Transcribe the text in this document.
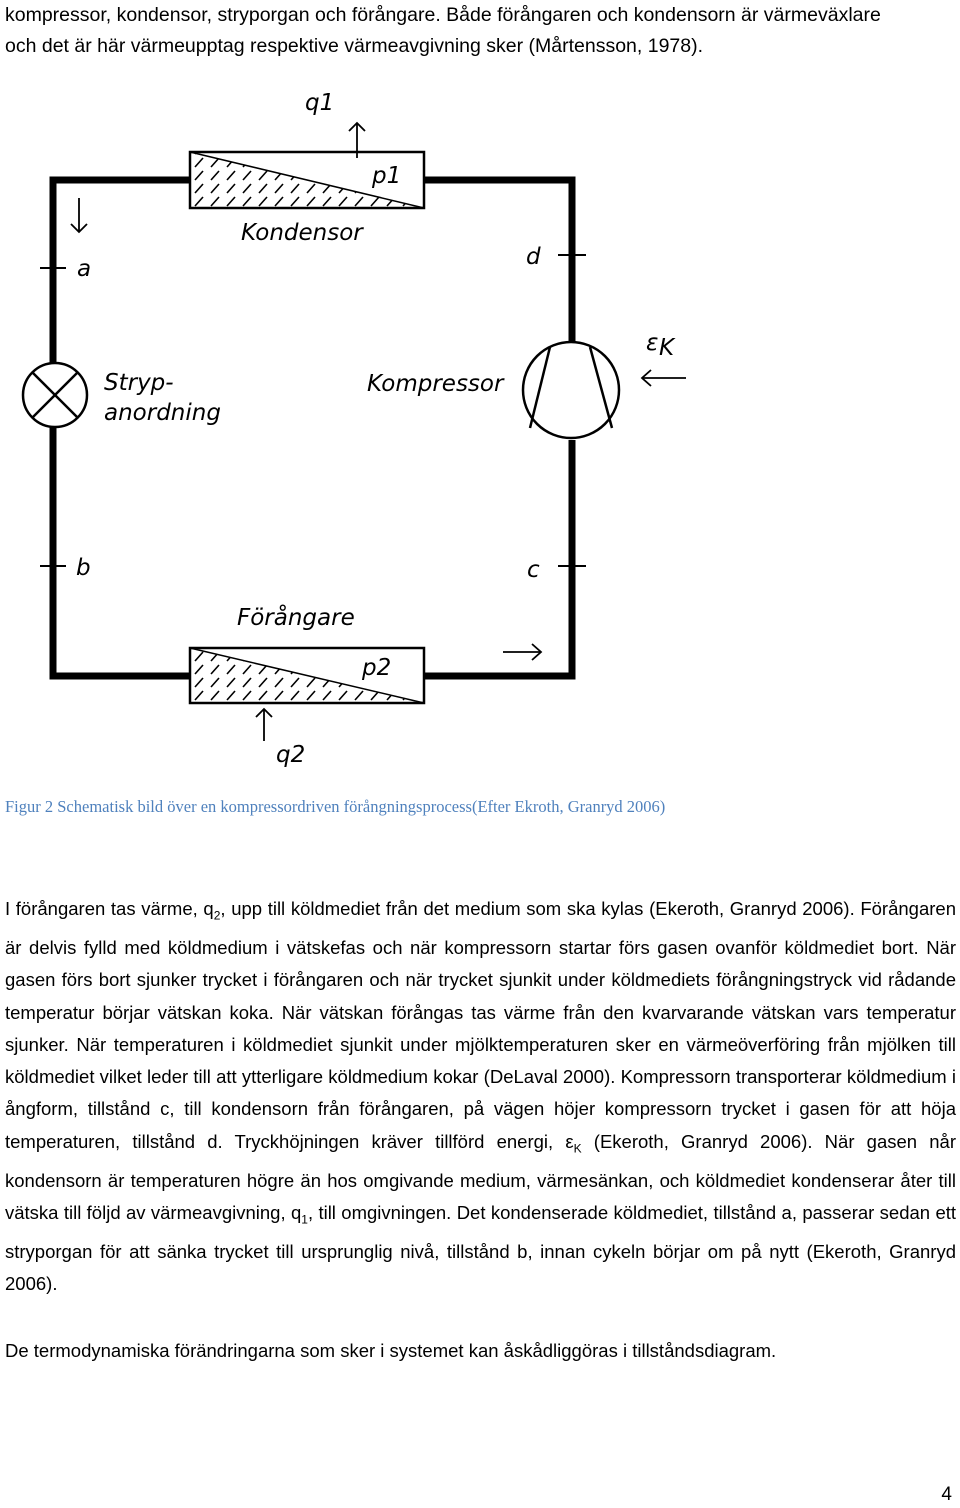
kompressor, kondensor, stryporgan och förångare. Både förångaren och kondensorn är värmeväxlare
och det är här värmeupptag respektive värmeavgivning sker (Mårtensson, 1978).
q1
p1
Kondensor
a	d
ε K
Stryp-
anordning
Kompressor
b	c
Förångare
p2
q2
Figur 2 Schematisk bild över en kompressordriven förångningsprocess(Efter Ekroth, Granryd 2006)

I förångaren tas värme, $q_2$, upp till köldmediet från det medium som ska kylas (Ekeroth, Granryd 2006). Förångaren är delvis fylld med köldmedium i vätskefas och när kompressorn startar förs gasen ovanför köldmediet bort. När gasen förs bort sjunker trycket i förångaren och när trycket sjunkit under köldmediets förångningstryck vid rådande temperatur börjar vätskan koka. När vätskan förångas tas värme från den kvarvarande vätskan vars temperatur sjunker. När temperaturen i köldmediet sjunkit under mjölktemperaturen sker en värmeöverföring från mjölken till köldmediet vilket leder till att ytterligare köldmedium kokar (DeLaval 2000). Kompressorn transporterar köldmedium i ångform, tillstånd c, till kondensorn från förångaren, på vägen höjer kompressorn trycket i gasen för att höja temperaturen, tillstånd d. Tryckhöjningen kräver tillförd energi, $\varepsilon_K$ (Ekeroth, Granryd 2006). När gasen når kondensorn är temperaturen högre än hos omgivande medium, värmesänkan, och köldmediet kondenserar åter till vätska till följd av värmeavgivning, $q_1$, till omgivningen. Det kondenserade köldmediet, tillstånd a, passerar sedan ett stryporgan för att sänka trycket till ursprunglig nivå, tillstånd b, innan cykeln börjar om på nytt (Ekeroth, Granryd 2006).

De termodynamiska förändringarna som sker i systemet kan åskådliggöras i tillståndsdiagram.

4
